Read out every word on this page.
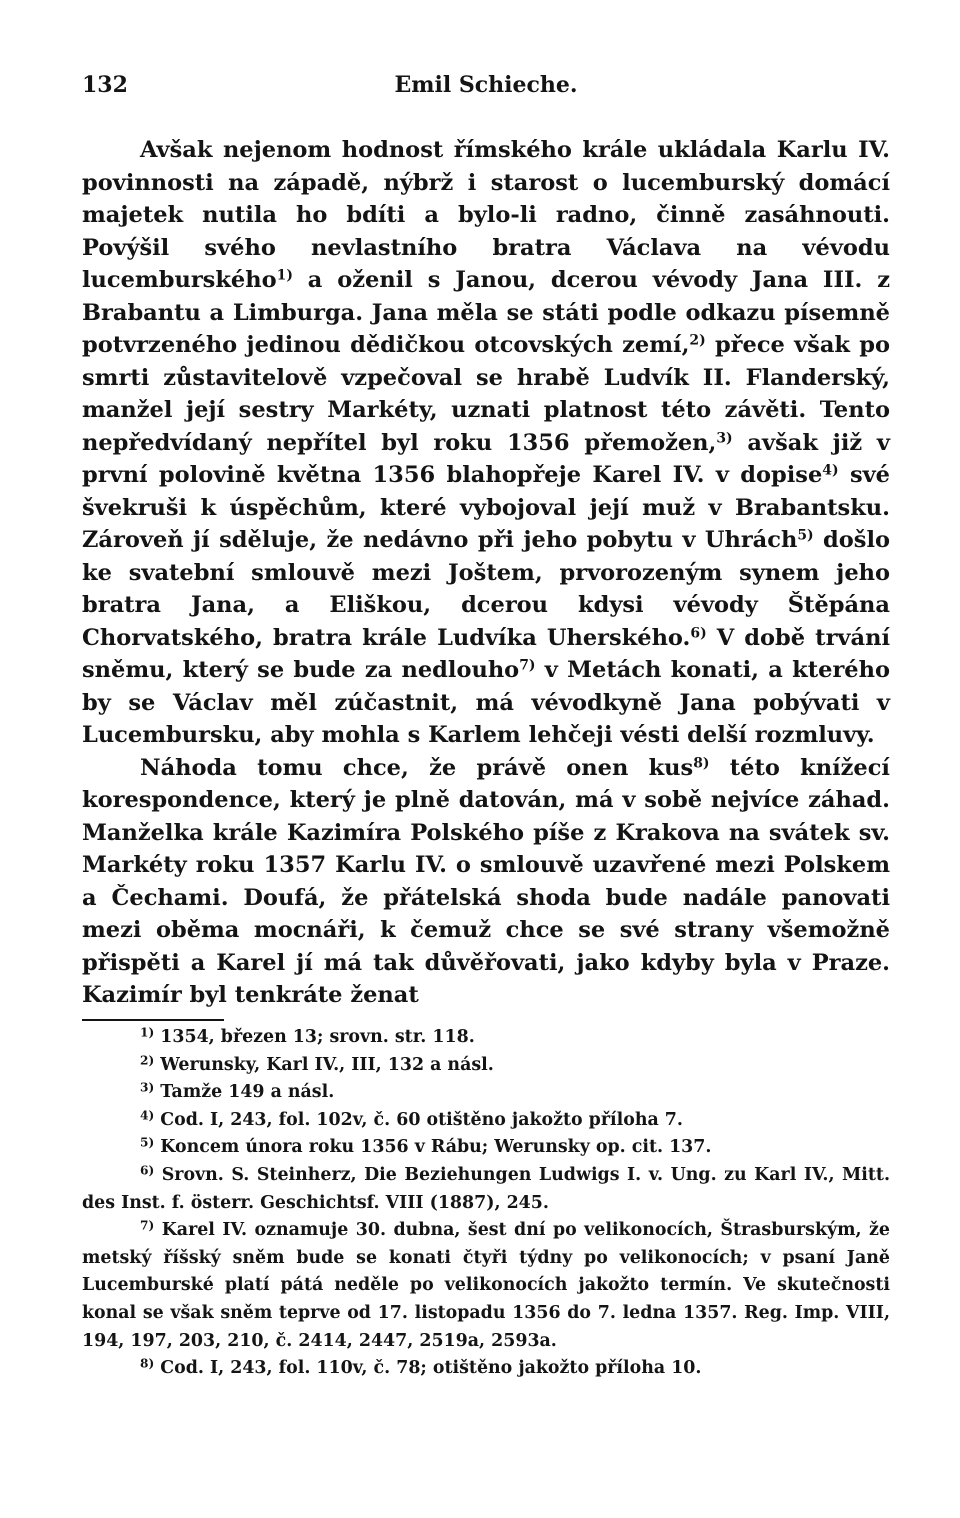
132	Emil Schieche.

Avšak nejenom hodnost římského krále ukládala Karlu IV. povinnosti na západě, nýbrž i starost o lucemburský domácí majetek nutila ho bdíti a bylo-li radno, činně zasáhnouti. Povýšil svého nevlastního bratra Václava na vévodu lucemburského$^{1)}$ a oženil s Janou, dcerou vévody Jana III. z Brabantu a Limburga. Jana měla se státi podle odkazu písemně potvrzeného jedinou dědičkou otcovských zemí,$^{2)}$ přece však po smrti zůstavitelově vzpečoval se hrabě Ludvík II. Flanderský, manžel její sestry Markéty, uznati platnost této závěti. Tento nepředvídaný nepřítel byl roku 1356 přemožen,$^{3)}$ avšak již v první polovině května 1356 blahopřeje Karel IV. v dopise$^{4)}$ své švekruši k úspěchům, které vybojoval její muž v Brabantsku. Zároveň jí sděluje, že nedávno při jeho pobytu v Uhrách$^{5)}$ došlo ke svatební smlouvě mezi Joštem, prvorozeným synem jeho bratra Jana, a Eliškou, dcerou kdysi vévody Štěpána Chorvatského, bratra krále Ludvíka Uherského.$^{6)}$ V době trvání sněmu, který se bude za nedlouho$^{7)}$ v Metách konati, a kterého by se Václav měl zúčastnit, má vévodkyně Jana pobývati v Lucembursku, aby mohla s Karlem lehčeji vésti delší rozmluvy.

Náhoda tomu chce, že právě onen kus$^{8)}$ této knížecí korespondence, který je plně datován, má v sobě nejvíce záhad. Manželka krále Kazimíra Polského píše z Krakova na svátek sv. Markéty roku 1357 Karlu IV. o smlouvě uzavřené mezi Polskem a Čechami. Doufá, že přátelská shoda bude nadále panovati mezi oběma mocnáři, k čemuž chce se své strany všemožně přispěti a Karel jí má tak důvěřovati, jako kdyby byla v Praze. Kazimír byl tenkráte ženat

$^{1)}$ 1354, březen 13; srovn. str. 118.

$^{2)}$ Werunsky, Karl IV., III, 132 a násl.

$^{3)}$ Tamže 149 a násl.

$^{4)}$ Cod. I, 243, fol. 102v, č. 60 otištěno jakožto příloha 7.

$^{5)}$ Koncem února roku 1356 v Rábu; Werunsky op. cit. 137.

$^{6)}$ Srovn. S. Steinherz, Die Beziehungen Ludwigs I. v. Ung. zu Karl IV., Mitt. des Inst. f. österr. Geschichtsf. VIII (1887), 245.

$^{7)}$ Karel IV. oznamuje 30. dubna, šest dní po velikonocích, Štrasburským, že metský říšský sněm bude se konati čtyři týdny po velikonocích; v psaní Janě Lucemburské platí pátá neděle po velikonocích jakožto termín. Ve skutečnosti konal se však sněm teprve od 17. listopadu 1356 do 7. ledna 1357. Reg. Imp. VIII, 194, 197, 203, 210, č. 2414, 2447, 2519a, 2593a.

$^{8)}$ Cod. I, 243, fol. 110v, č. 78; otištěno jakožto příloha 10.
